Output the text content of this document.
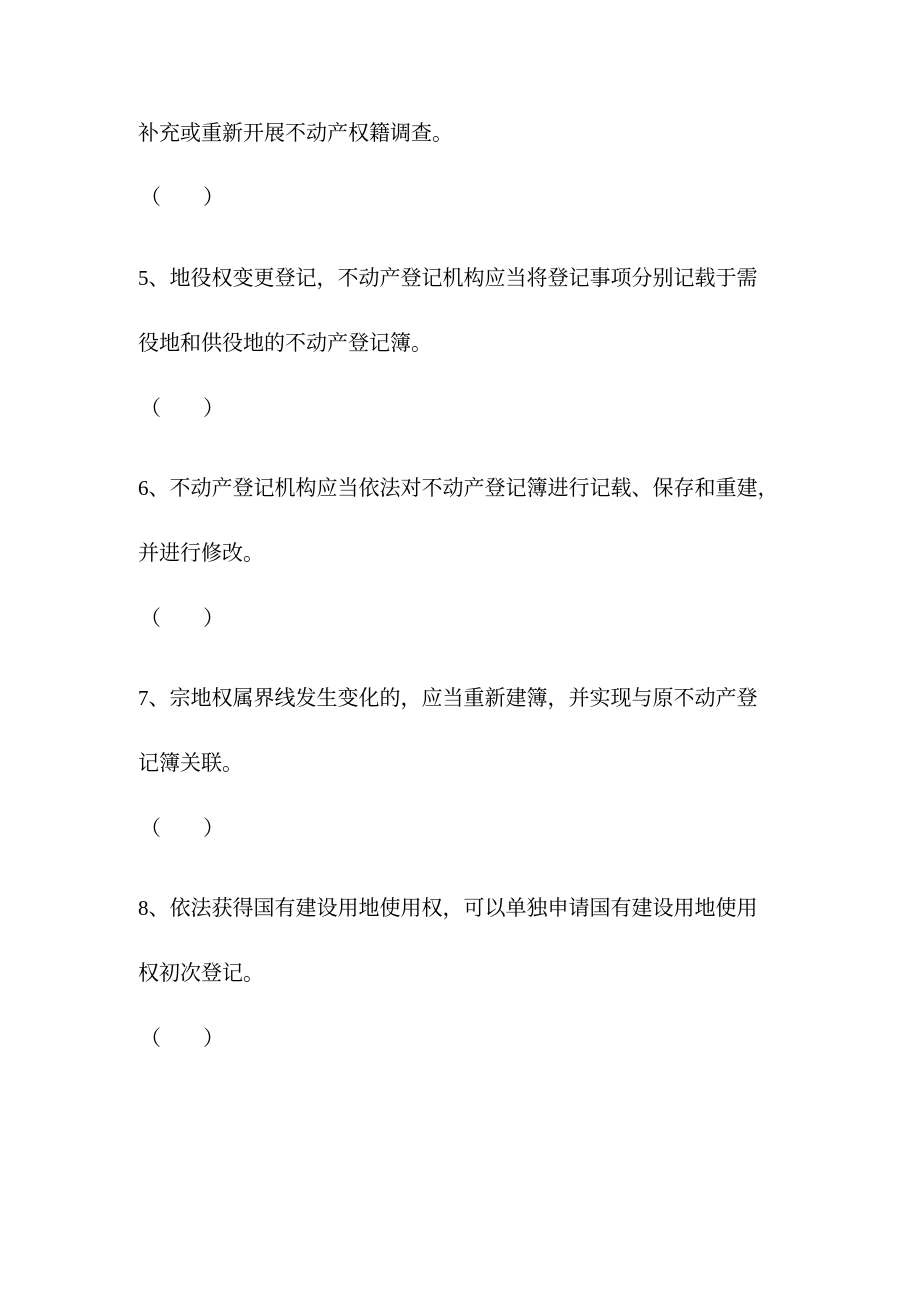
补充或重新开展不动产权籍调查。
（ ）
5、地役权变更登记，不动产登记机构应当将登记事项分别记载于需
役地和供役地的不动产登记簿。
（ ）
6、不动产登记机构应当依法对不动产登记簿进行记载、保存和重建，
并进行修改。
（ ）
7、宗地权属界线发生变化的，应当重新建簿，并实现与原不动产登
记簿关联。
（ ）
8、依法获得国有建设用地使用权，可以单独申请国有建设用地使用
权初次登记。
（ ）
